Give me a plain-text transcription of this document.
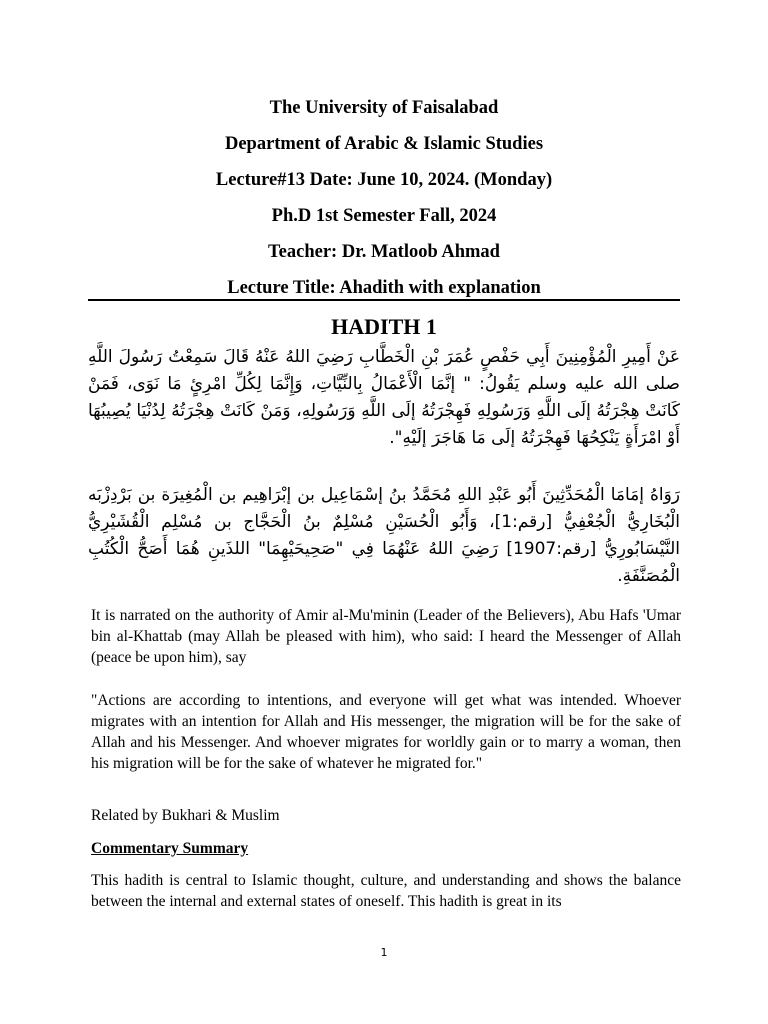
The University of Faisalabad

Department of Arabic & Islamic Studies

Lecture#13 Date: June 10, 2024. (Monday)

Ph.D 1st Semester Fall, 2024

Teacher: Dr. Matloob Ahmad

Lecture Title: Ahadith with explanation

HADITH 1
عَنْ أَمِيرِ الْمُؤْمِنِينَ أَبِي حَفْصٍ عُمَرَ بْنِ الْخَطَّابِ رَضِيَ اللهُ عَنْهُ قَالَ سَمِعْتُ رَسُولَ اللَّهِ صلى الله عليه وسلم يَقُولُ: " إنَّمَا الْأَعْمَالُ بِالنِّيَّاتِ، وَإِنَّمَا لِكُلِّ امْرِئٍ مَا نَوَى، فَمَنْ كَانَتْ هِجْرَتُهُ إلَى اللَّهِ وَرَسُولِهِ فَهِجْرَتُهُ إلَى اللَّهِ وَرَسُولِهِ، وَمَنْ كَانَتْ هِجْرَتُهُ لِدُنْيَا يُصِيبُهَا أَوْ امْرَأَةٍ يَنْكِحُهَا فَهِجْرَتُهُ إلَى مَا هَاجَرَ إلَيْهِ".
رَوَاهُ إمَامَا الْمُحَدِّثِينَ أَبُو عَبْدِ اللهِ مُحَمَّدُ بنُ إسْمَاعِيل بن إبْرَاهِيم بن الْمُغِيرَة بن بَرْدِزْبَه الْبُخَارِيُّ الْجُعْفِيُّ [رقم:1]، وَأَبُو الْحُسَيْنِ مُسْلِمٌ بنُ الْحَجَّاج بن مُسْلِم الْقُشَيْرِيُّ النَّيْسَابُورِيُّ [رقم:1907] رَضِيَ اللهُ عَنْهُمَا فِي "صَحِيحَيْهِمَا" اللذَينِ هُمَا أَصَحُّ الْكُتُبِ الْمُصَنَّفَةِ.

It is narrated on the authority of Amir al-Mu'minin (Leader of the Believers), Abu Hafs 'Umar bin al-Khattab (may Allah be pleased with him), who said: I heard the Messenger of Allah (peace be upon him), say

"Actions are according to intentions, and everyone will get what was intended. Whoever migrates with an intention for Allah and His messenger, the migration will be for the sake of Allah and his Messenger. And whoever migrates for worldly gain or to marry a woman, then his migration will be for the sake of whatever he migrated for."

Related by Bukhari & Muslim

Commentary Summary

This hadith is central to Islamic thought, culture, and understanding and shows the balance between the internal and external states of oneself. This hadith is great in its

1
